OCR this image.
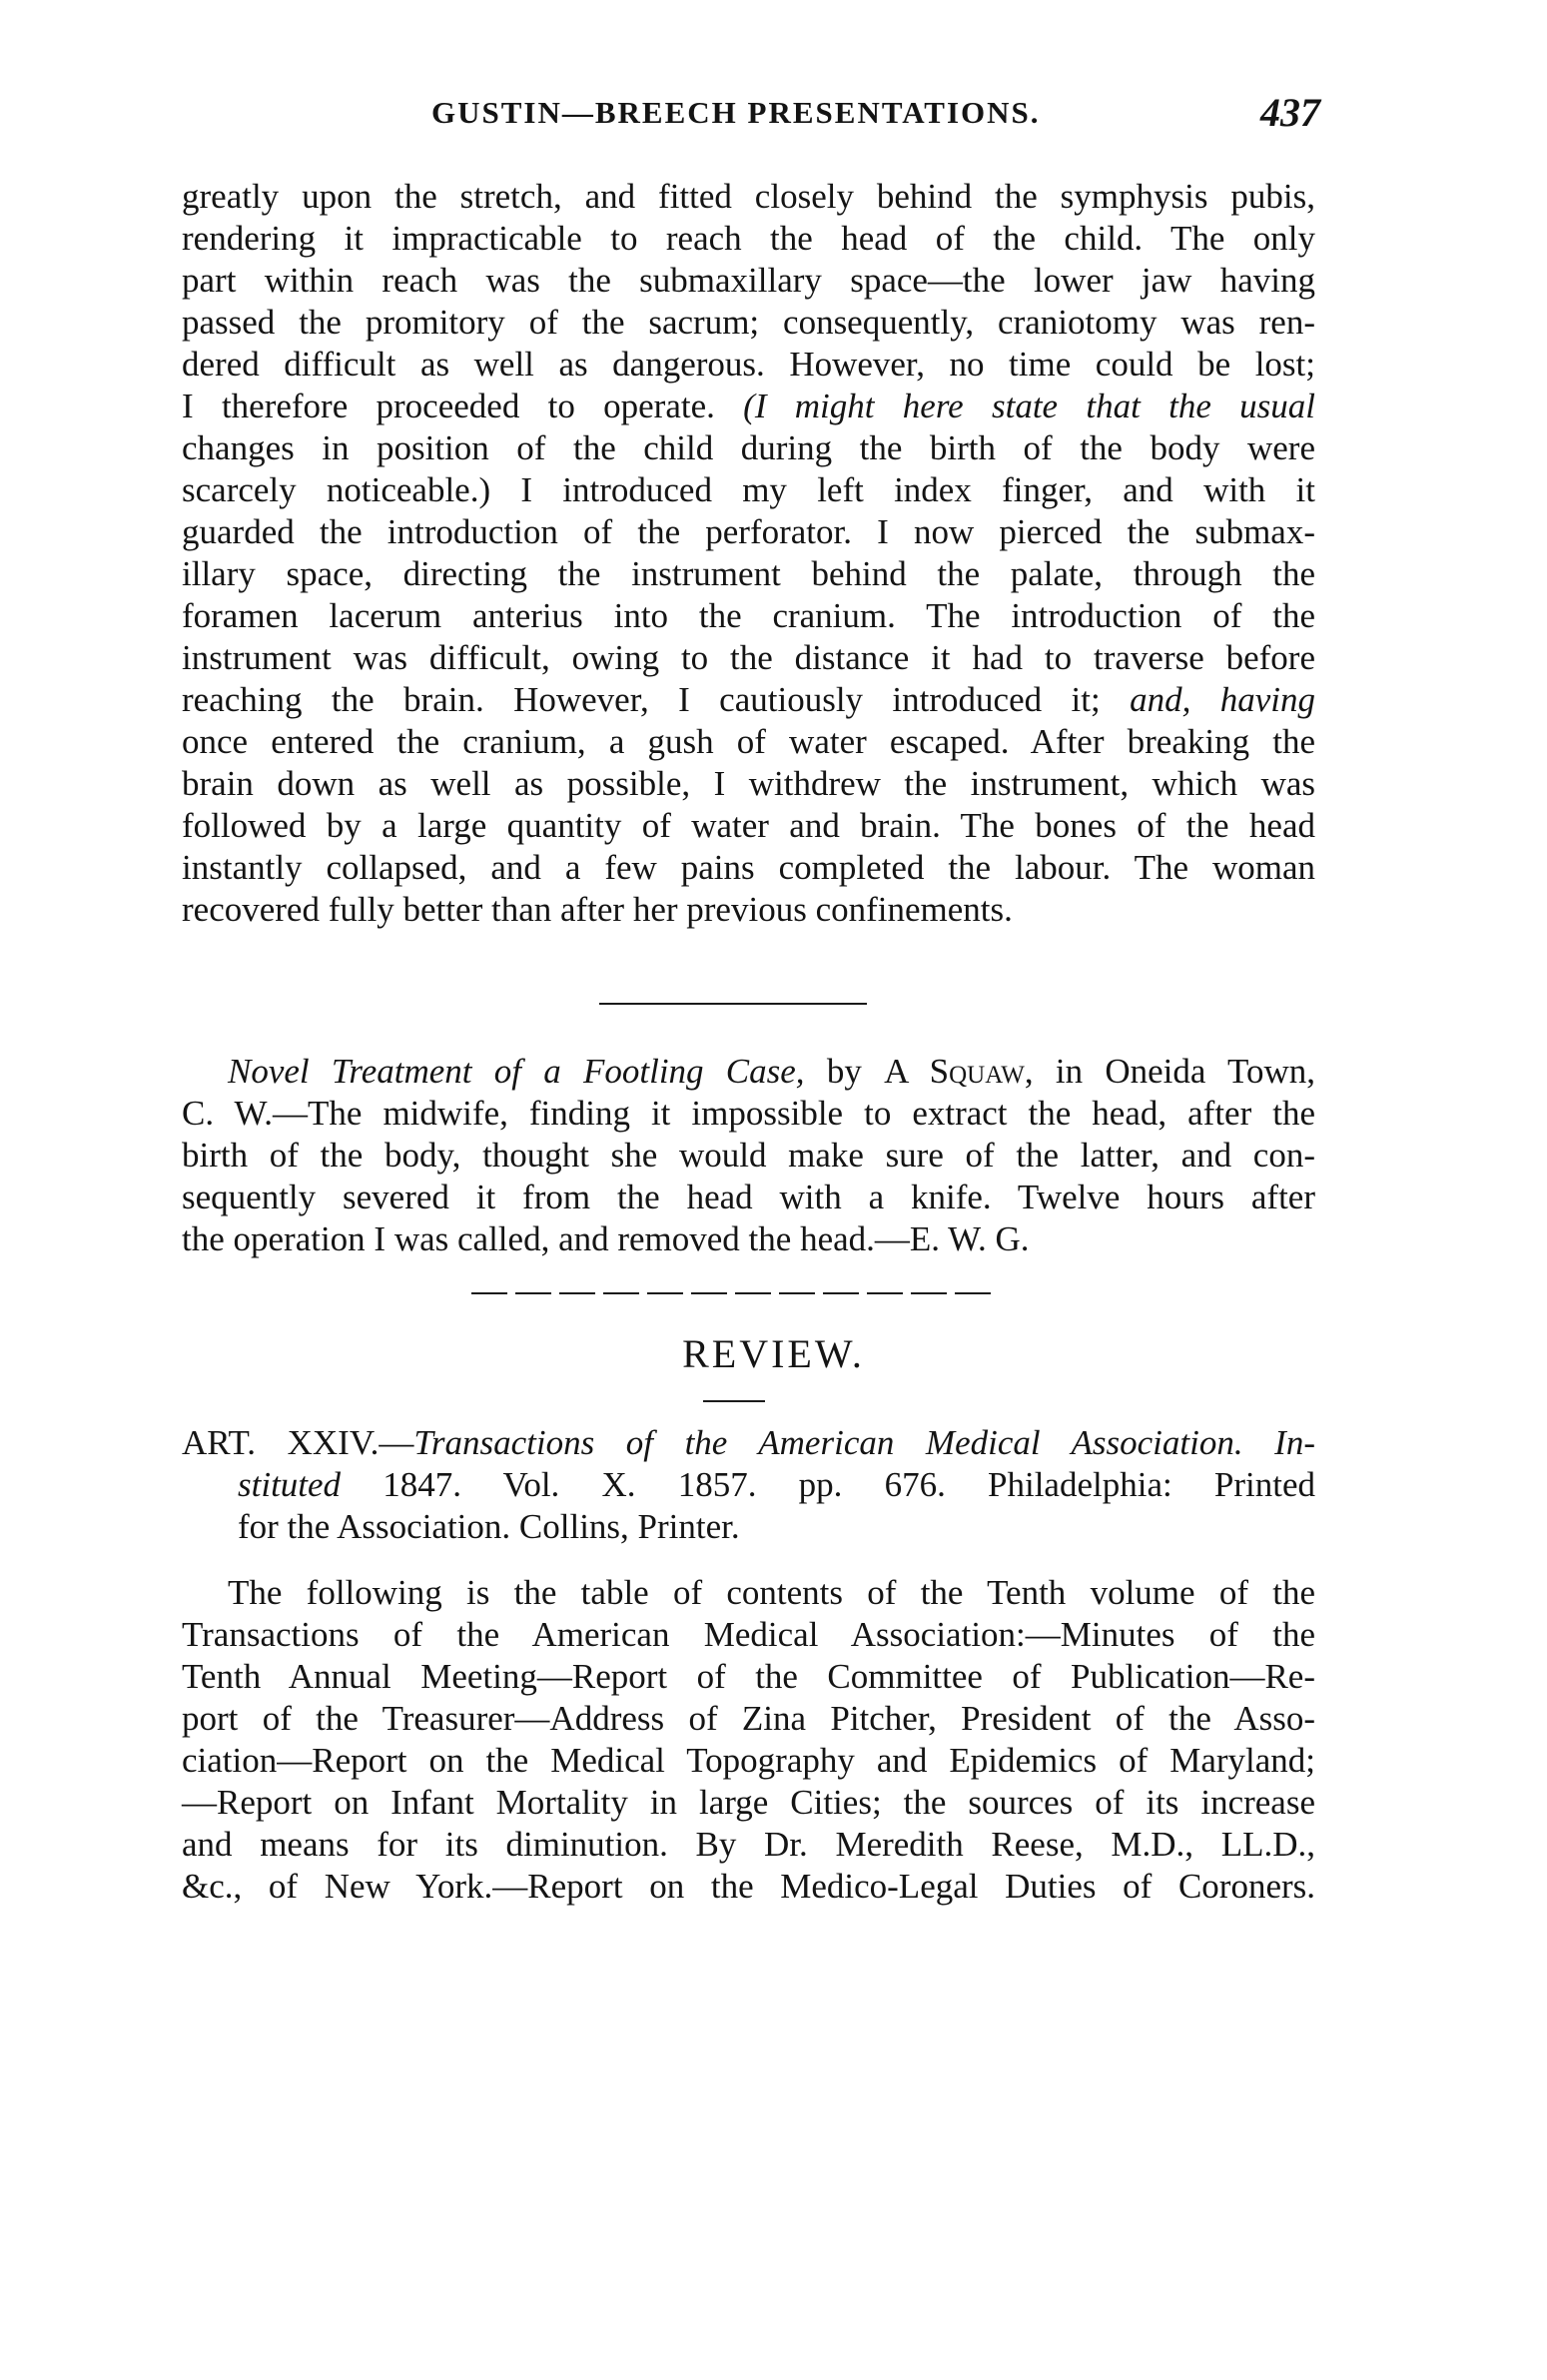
GUSTIN—BREECH PRESENTATIONS.	437
greatly upon the stretch, and fitted closely behind the symphysis pubis,
rendering it impracticable to reach the head of the child. The only
part within reach was the submaxillary space—the lower jaw having
passed the promitory of the sacrum; consequently, craniotomy was ren-
dered difficult as well as dangerous. However, no time could be lost;
I therefore proceeded to operate. (I might here state that the usual
changes in position of the child during the birth of the body were
scarcely noticeable.) I introduced my left index finger, and with it
guarded the introduction of the perforator. I now pierced the submax-
illary space, directing the instrument behind the palate, through the
foramen lacerum anterius into the cranium. The introduction of the
instrument was difficult, owing to the distance it had to traverse before
reaching the brain. However, I cautiously introduced it; and, having
once entered the cranium, a gush of water escaped. After breaking the
brain down as well as possible, I withdrew the instrument, which was
followed by a large quantity of water and brain. The bones of the head
instantly collapsed, and a few pains completed the labour. The woman
recovered fully better than after her previous confinements.
Novel Treatment of a Footling Case, by A Squaw, in Oneida Town,
C. W.—The midwife, finding it impossible to extract the head, after the
birth of the body, thought she would make sure of the latter, and con-
sequently severed it from the head with a knife. Twelve hours after
the operation I was called, and removed the head.—E. W. G.
REVIEW.
ART. XXIV.—Transactions of the American Medical Association. In-
stituted 1847. Vol. X. 1857. pp. 676. Philadelphia: Printed
for the Association. Collins, Printer.
The following is the table of contents of the Tenth volume of the
Transactions of the American Medical Association:—Minutes of the
Tenth Annual Meeting—Report of the Committee of Publication—Re-
port of the Treasurer—Address of Zina Pitcher, President of the Asso-
ciation—Report on the Medical Topography and Epidemics of Maryland;
—Report on Infant Mortality in large Cities; the sources of its increase
and means for its diminution. By Dr. Meredith Reese, M.D., LL.D.,
&c., of New York.—Report on the Medico-Legal Duties of Coroners.
